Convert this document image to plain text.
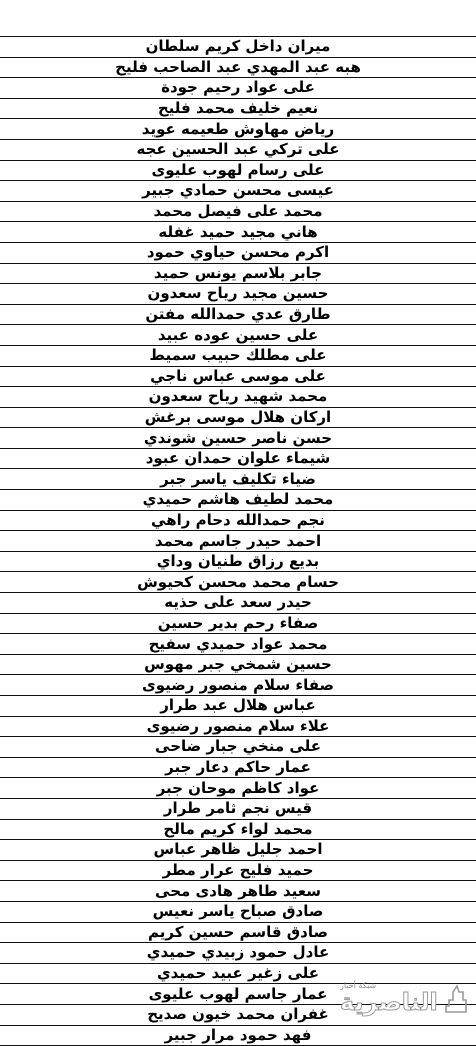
ميران داخل كريم سلطان
هبه عبد المهدي عبد الصاحب فليح
على عواد رحيم جودة
نعيم خليف محمد فليح
رياض مهاوش طعيمه عويد
على تركي عبد الحسين عجه
على رسام لهوب عليوى
عيسى محسن حمادي جبير
محمد على فيصل محمد
هاني مجيد حميد غفله
اكرم محسن حياوي حمود
جابر بلاسم يونس حميد
حسين مجيد رياح سعدون
طارق عدي حمدالله مفتن
على حسين عوده عبيد
على مطلك حبيب سميط
على موسى عباس ناجي
محمد شهيد رياح سعدون
اركان هلال موسى برغش
حسن ناصر حسين شوندي
شيماء علوان حمدان عبود
ضياء تكليف ياسر جبر
محمد لطيف هاشم حميدي
نجم حمدالله دحام راهي
احمد حيدر جاسم محمد
بديع رزاق طنيان وداي
حسام محمد محسن كحيوش
حيدر سعد على حذيه
صفاء رحم بدير حسين
محمد عواد حميدي سفيح
حسين شمخي جبر مهوس
صفاء سلام منصور رضيوى
عباس هلال عبد طرار
علاء سلام منصور رضيوى
على منخي جبار ضاحى
عمار حاكم دعار جبر
عواد كاظم موحان جبر
قيس نجم ثامر طرار
محمد لواء كريم مالح
احمد جليل ظاهر عباس
حميد فليح عرار مطر
سعيد طاهر هادى محى
صادق صباح ياسر نعيس
صادق قاسم حسين كريم
عادل حمود زبيدي حميدي
على زغير عبيد حميدي
عمار جاسم لهوب عليوى
غفران محمد خيون صديح
فهد حمود مرار جبير
شبكة أخبار
الناصرية
